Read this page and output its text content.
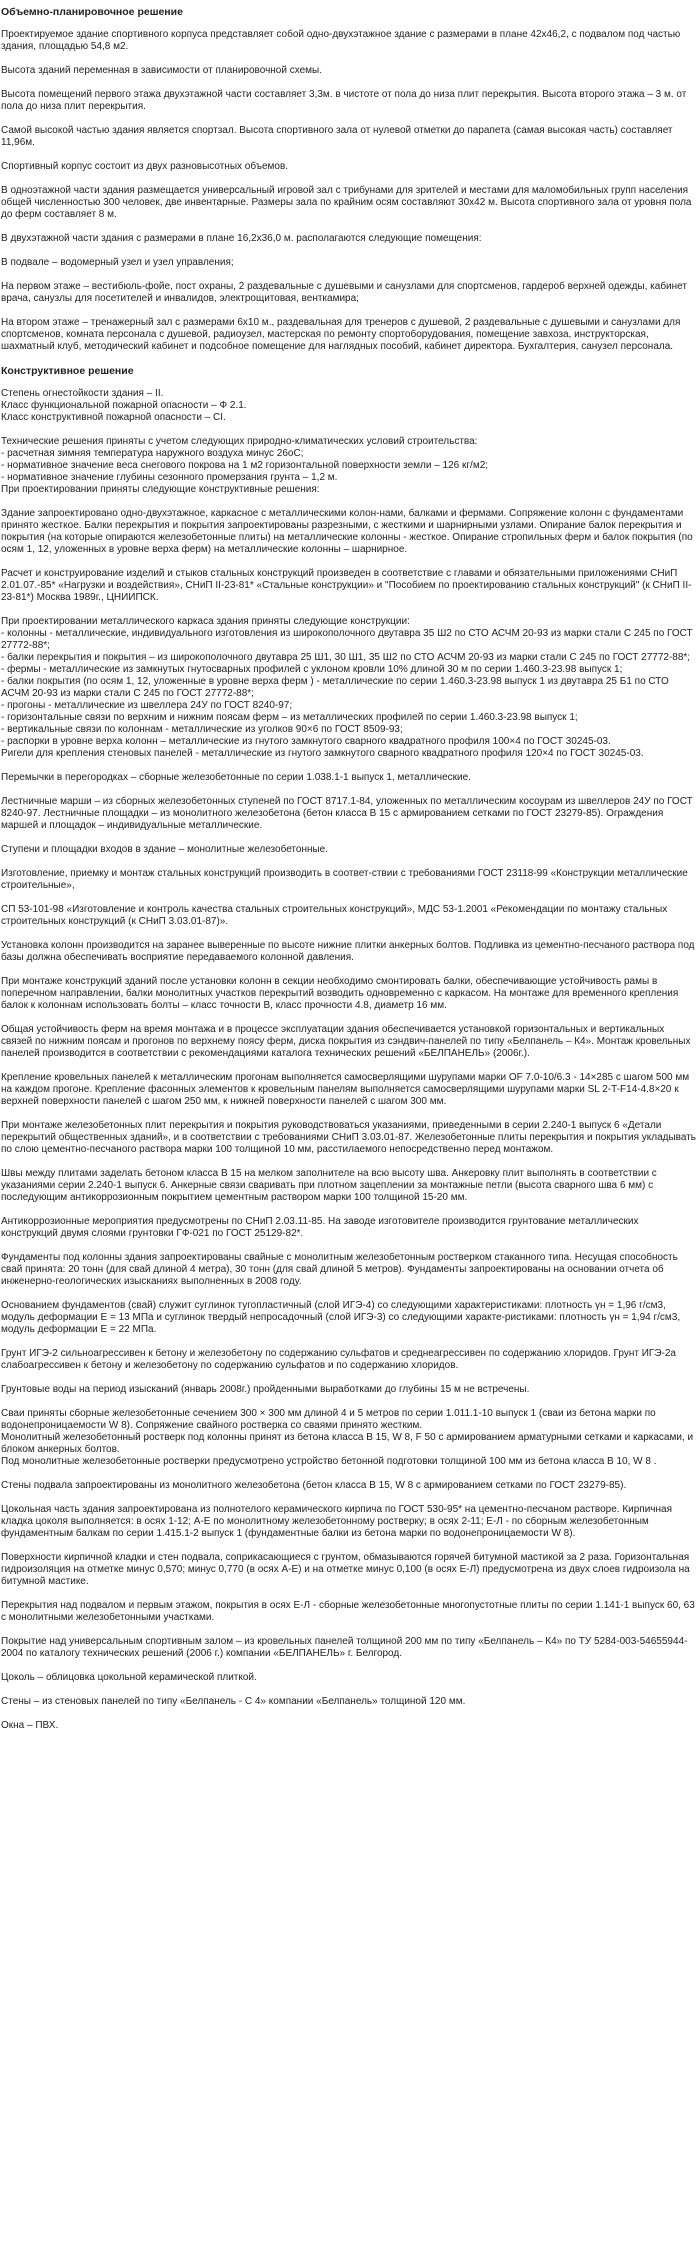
Объемно-планировочное решение
Проектируемое здание спортивного корпуса представляет собой одно-двухэтажное здание с размерами в плане 42х46,2, с подвалом под частью здания, площадью 54,8 м2.
Высота зданий переменная в зависимости от планировочной схемы.
Высота помещений первого этажа двухэтажной части составляет 3,3м. в чистоте от пола до низа плит перекрытия. Высота второго этажа – 3 м. от пола до низа плит перекрытия.
Самой высокой частью здания является спортзал. Высота спортивного зала от нулевой отметки до парапета (самая высокая часть) составляет 11,96м.
Спортивный корпус состоит из двух разновысотных объемов.
В одноэтажной части здания размещается универсальный игровой зал с трибунами для зрителей и местами для маломобильных групп населения общей численностью 300 человек, две инвентарные. Размеры зала по крайним осям составляют 30х42 м. Высота спортивного зала от уровня пола до ферм составляет 8 м.
В двухэтажной части здания с размерами в плане 16,2х36,0 м. располагаются следующие помещения:
В подвале – водомерный узел и узел управления;
На первом этаже – вестибюль-фойе, пост охраны, 2 раздевальные с душевыми и санузлами для спортсменов, гардероб верхней одежды, кабинет врача, санузлы для посетителей и инвалидов, электрощитовая, венткамира;
На втором этаже – тренажерный зал с размерами 6х10 м., раздевальная для тренеров с душевой, 2 раздевальные с душевыми и санузлами для спортсменов, комната персонала с душевой, радиоузел, мастерская по ремонту спортоборудования, помещение завхоза, инструкторская, шахматный клуб, методический кабинет и подсобное помещение для наглядных пособий, кабинет директора. Бухгалтерия, санузел персонала.
Конструктивное решение
Степень огнестойкости здания – II.
Класс функциональной пожарной опасности – Ф 2.1.
Класс конструктивной пожарной опасности – CI.
Технические решения приняты с учетом следующих природно-климатических условий строительства:
- расчетная зимняя температура наружного воздуха минус 26оС;
- нормативное значение веса снегового покрова на 1 м2 горизонтальной поверхности земли – 126 кг/м2;
- нормативное значение глубины сезонного промерзания грунта – 1,2 м.
При проектировании приняты следующие конструктивные решения:
Здание запроектировано одно-двухэтажное, каркасное с металлическими колон-нами, балками и фермами. Сопряжение колонн с фундаментами принято жесткое. Балки перекрытия и покрытия запроектированы разрезными, с жесткими и шарнирными узлами. Опирание балок перекрытия и покрытия (на которые опираются железобетонные плиты) на металлические колонны - жесткое. Опирание стропильных ферм и балок покрытия (по осям 1, 12, уложенных в уровне верха ферм) на металлические колонны – шарнирное.
Расчет и конструирование изделий и стыков стальных конструкций произведен в соответствие с главами и обязательными приложениями СНиП 2.01.07.-85* «Нагрузки и воздействия», СНиП II-23-81* «Стальные конструкции» и "Пособием по проектированию стальных конструкций" (к СНиП II-23-81*) Москва 1989г., ЦНИИПСК.
При проектировании металлического каркаса здания приняты следующие конструкции:
- колонны - металлические, индивидуального изготовления из широкополочного двутавра 35 Ш2 по СТО АСЧМ 20-93 из марки стали С 245 по ГОСТ 27772-88*;
- балки перекрытия и покрытия – из широкополочного двутавра 25 Ш1, 30 Ш1, 35 Ш2 по СТО АСЧМ 20-93 из марки стали С 245 по ГОСТ 27772-88*;
- фермы - металлические из замкнутых гнутосварных профилей с уклоном кровли 10% длиной 30 м по серии 1.460.3-23.98 выпуск 1;
- балки покрытия (по осям 1, 12, уложенные в уровне верха ферм ) - металлические по серии 1.460.3-23.98 выпуск 1 из двутавра 25 Б1 по СТО АСЧМ 20-93 из марки стали С 245 по ГОСТ 27772-88*;
- прогоны - металлические из швеллера 24У по ГОСТ 8240-97;
- горизонтальные связи по верхним и нижним поясам ферм – из металлических профилей по серии 1.460.3-23.98 выпуск 1;
- вертикальные связи по колоннам - металлические из уголков 90×6 по ГОСТ 8509-93;
- распорки в уровне верха колонн – металлические из гнутого замкнутого сварного квадратного профиля 100×4 по ГОСТ 30245-03.
Ригели для крепления стеновых панелей - металлические из гнутого замкнутого сварного квадратного профиля 120×4 по ГОСТ 30245-03.
Перемычки в перегородках – сборные железобетонные по серии 1.038.1-1 выпуск 1, металлические.
Лестничные марши – из сборных железобетонных ступеней по ГОСТ 8717.1-84, уложенных по металлическим косоурам из швеллеров 24У по ГОСТ 8240-97. Лестничные площадки – из монолитного железобетона (бетон класса В 15 с армированием сетками по ГОСТ 23279-85). Ограждения маршей и площадок – индивидуальные металлические.
Ступени и площадки входов в здание – монолитные железобетонные.
Изготовление, приемку и монтаж стальных конструкций производить в соответ-ствии с требованиями ГОСТ 23118-99 «Конструкции металлические строительные»,
СП 53-101-98 «Изготовление и контроль качества стальных строительных конструкций», МДС 53-1.2001 «Рекомендации по монтажу стальных строительных конструкций (к СНиП 3.03.01-87)».
Установка колонн производится на заранее выверенные по высоте нижние плитки анкерных болтов. Подливка из цементно-песчаного раствора под базы должна обеспечивать восприятие передаваемого колонной давления.
При монтаже конструкций зданий после установки колонн в секции необходимо смонтировать балки, обеспечивающие устойчивость рамы в поперечном направлении, балки монолитных участков перекрытий возводить одновременно с каркасом. На монтаже для временного крепления балок к колоннам использовать болты – класс точности В, класс прочности 4.8, диаметр 16 мм.
Общая устойчивость ферм на время монтажа и в процессе эксплуатации здания обеспечивается установкой горизонтальных и вертикальных связей по нижним поясам и прогонов по верхнему поясу ферм, диска покрытия из сэндвич-панелей по типу «Белпанель – К4». Монтаж кровельных панелей производится в соответствии с рекомендациями каталога технических решений «БЕЛПАНЕЛЬ» (2006г.).
Крепление кровельных панелей к металлическим прогонам выполняется самосверлящими шурупами марки OF 7.0-10/6.3 - 14×285 с шагом 500 мм на каждом прогоне. Крепление фасонных элементов к кровельным панелям выполняется самосверлящими шурупами марки SL 2-T-F14-4.8×20 к верхней поверхности панелей с шагом 250 мм, к нижней поверхности панелей с шагом 300 мм.
При монтаже железобетонных плит перекрытия и покрытия руководствоваться указаниями, приведенными в серии 2.240-1 выпуск 6 «Детали перекрытий общественных зданий», и в соответствии с требованиями СНиП 3.03.01-87. Железобетонные плиты перекрытия и покрытия укладывать по слою цементно-песчаного раствора марки 100 толщиной 10 мм, расстилаемого непосредственно перед монтажом.
Швы между плитами заделать бетоном класса В 15 на мелком заполнителе на всю высоту шва. Анкеровку плит выполнять в соответствии с указаниями серии 2.240-1 выпуск 6. Анкерные связи сваривать при плотном зацеплении за монтажные петли (высота сварного шва 6 мм) с последующим антикоррозионным покрытием цементным раствором марки 100 толщиной 15-20 мм.
Антикоррозионные мероприятия предусмотрены по СНиП 2.03.11-85. На заводе изготовителе производится грунтование металлических конструкций двумя слоями грунтовки ГФ-021 по ГОСТ 25129-82*.
Фундаменты под колонны здания запроектированы свайные с монолитным железобетонным ростверком стаканного типа. Несущая способность свай принята: 20 тонн (для свай длиной 4 метра), 30 тонн (для свай длиной 5 метров). Фундаменты запроектированы на основании отчета об инженерно-геологических изысканиях выполненных в 2008 году.
Основанием фундаментов (свай) служит суглинок тугопластичный (слой ИГЭ-4) со следующими характеристиками: плотность γн = 1,96 г/см3, модуль деформации Е = 13 МПа и суглинок твердый непросадочный (слой ИГЭ-3) со следующими характе-ристиками: плотность γн = 1,94 г/см3, модуль деформации Е = 22 МПа.
Грунт ИГЭ-2 сильноагрессивен к бетону и железобетону по содержанию сульфатов и среднеагрессивен по содержанию хлоридов. Грунт ИГЭ-2а слабоагрессивен к бетону и железобетону по содержанию сульфатов и по содержанию хлоридов.
Грунтовые воды на период изысканий (январь 2008г.) пройденными выработками до глубины 15 м не встречены.
Сваи приняты сборные железобетонные сечением 300 × 300 мм длиной 4 и 5 метров по серии 1.011.1-10 выпуск 1 (сваи из бетона марки по водонепроницаемости W 8). Сопряжение свайного ростверка со сваями принято жестким.
Монолитный железобетонный ростверк под колонны принят из бетона класса В 15, W 8, F 50 с армированием арматурными сетками и каркасами, и блоком анкерных болтов.
Под монолитные железобетонные ростверки предусмотрено устройство бетонной подготовки толщиной 100 мм из бетона класса В 10, W 8 .
Стены подвала запроектированы из монолитного железобетона (бетон класса В 15, W 8 с армированием сетками по ГОСТ 23279-85).
Цокольная часть здания запроектирована из полнотелого керамического кирпича по ГОСТ 530-95* на цементно-песчаном растворе. Кирпичная кладка цоколя выполняется: в осях 1-12; А-Е по монолитному железобетонному ростверку; в осях 2-11; Е-Л - по сборным железобетонным фундаментным балкам по серии 1.415.1-2 выпуск 1 (фундаментные балки из бетона марки по водонепроницаемости W 8).
Поверхности кирпичной кладки и стен подвала, соприкасающиеся с грунтом, обмазываются горячей битумной мастикой за 2 раза. Горизонтальная гидроизоляция на отметке минус 0,570; минус 0,770 (в осях А-Е) и на отметке минус 0,100 (в осях Е-Л) предусмотрена из двух слоев гидроизола на битумной мастике.
Перекрытия над подвалом и первым этажом, покрытия в осях Е-Л - сборные железобетонные многопустотные плиты по серии 1.141-1 выпуск 60, 63 с монолитными железобетонными участками.
Покрытие над универсальным спортивным залом – из кровельных панелей толщиной 200 мм по типу «Белпанель – К4» по ТУ 5284-003-54655944-2004 по каталогу технических решений (2006 г.) компании «БЕЛПАНЕЛЬ» г. Белгород.
Цоколь – облицовка цокольной керамической плиткой.
Стены – из стеновых панелей по типу «Белпанель - С 4» компании «Белпанель» толщиной 120 мм.
Окна – ПВХ.
